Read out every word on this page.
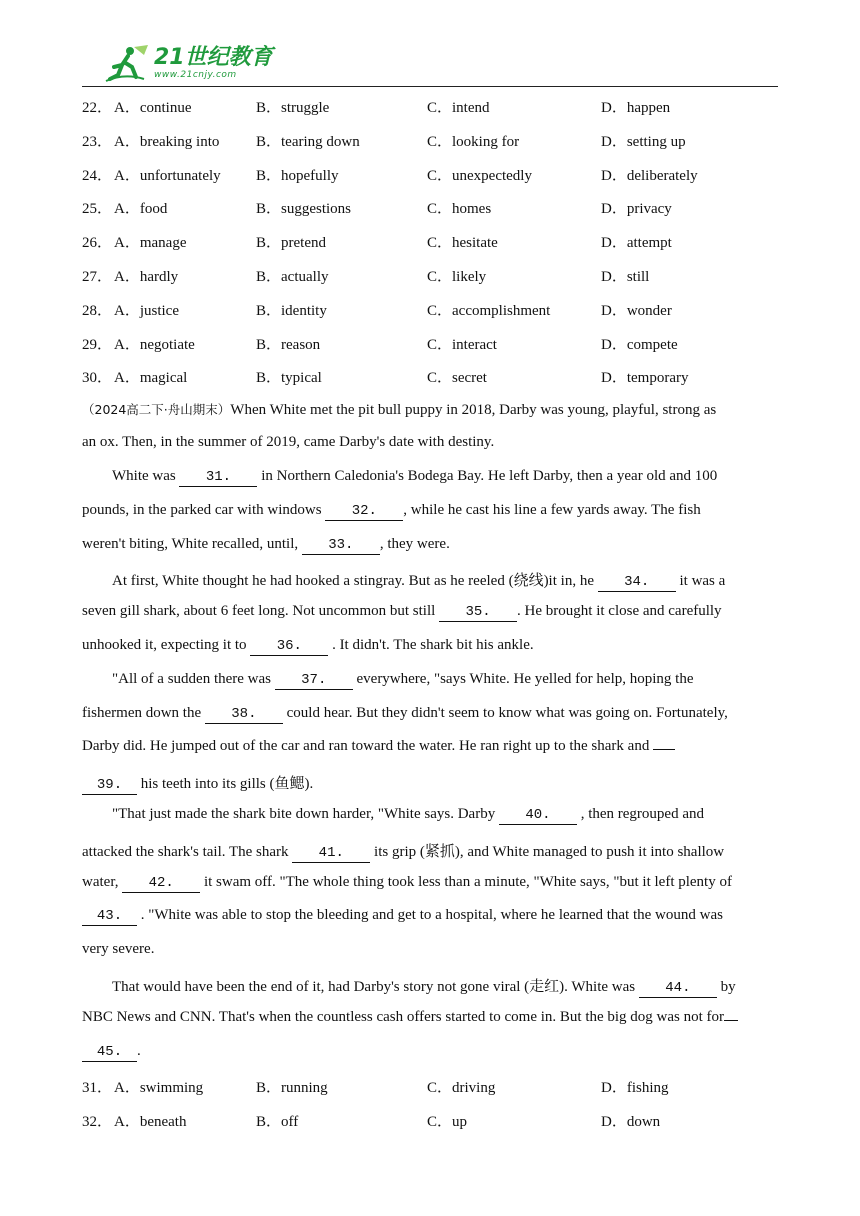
21世纪教育
www.21cnjy.com
22． A．continue	B．struggle	C．intend	D．happen
23． A．breaking into B．tearing down	C．looking for	D．setting up
24． A．unfortunately B．hopefully	C．unexpectedly	D．deliberately
25． A．food	B．suggestions	C．homes	D．privacy
26． A．manage	B．pretend	C．hesitate	D．attempt
27． A．hardly	B．actually	C．likely	D．still
28． A．justice	B．identity	C．accomplishment	D．wonder
29． A．negotiate	B．reason	C．interact	D．compete
30． A．magical	B．typical	C．secret	D．temporary
（2024高二下·舟山期末）When White met the pit bull puppy in 2018, Darby was young, playful, strong as
an ox. Then, in the summer of 2019, came Darby's date with destiny.
White was 31. in Northern Caledonia's Bodega Bay. He left Darby, then a year old and 100
pounds, in the parked car with windows 32. , while he cast his line a few yards away. The fish
weren't biting, White recalled, until, 33. , they were.
At first, White thought he had hooked a stingray. But as he reeled (绕线)it in, he 34. it was a
seven gill shark, about 6 feet long. Not uncommon but still 35. . He brought it close and carefully
unhooked it, expecting it to 36. . It didn't. The shark bit his ankle.
"All of a sudden there was 37. everywhere, "says White. He yelled for help, hoping the
fishermen down the 38. could hear. But they didn't seem to know what was going on. Fortunately,
Darby did. He jumped out of the car and ran toward the water. He ran right up to the shark and
39. his teeth into its gills (鱼鳃).
"That just made the shark bite down harder, "White says. Darby 40. , then regrouped and
attacked the shark's tail. The shark 41. its grip (紧抓), and White managed to push it into shallow
water, 42. it swam off. "The whole thing took less than a minute, "White says, "but it left plenty of
43. . "White was able to stop the bleeding and get to a hospital, where he learned that the wound was
very severe.
That would have been the end of it, had Darby's story not gone viral (走红). White was 44. by
NBC News and CNN. That's when the countless cash offers started to come in. But the big dog was not for
45. .
31． A．swimming	B．running	C．driving	D．fishing
32． A．beneath	B．off	C．up	D．down
